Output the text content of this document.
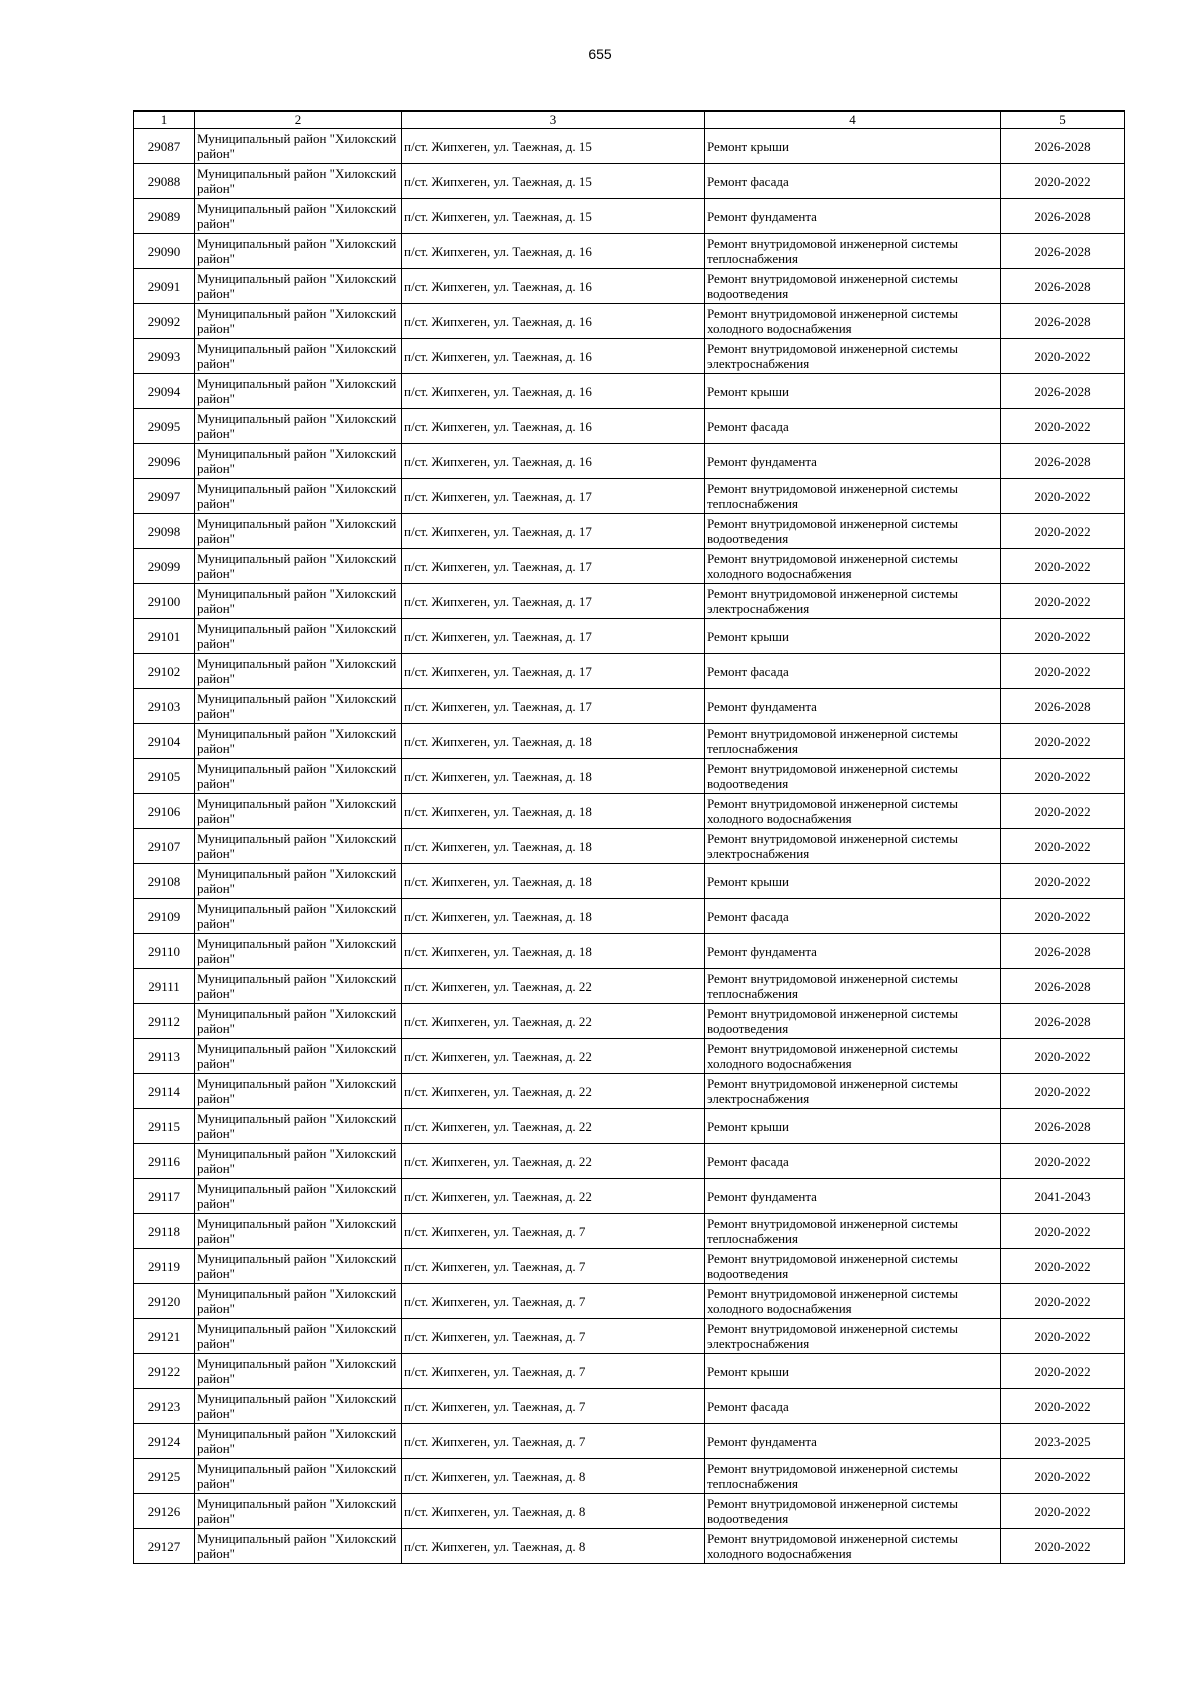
655
1	2	3	4	5
29087	Муниципальный район "Хилокский район"	п/ст. Жипхеген, ул. Таежная, д. 15	Ремонт крыши	2026-2028
29088	Муниципальный район "Хилокский район"	п/ст. Жипхеген, ул. Таежная, д. 15	Ремонт фасада	2020-2022
29089	Муниципальный район "Хилокский район"	п/ст. Жипхеген, ул. Таежная, д. 15	Ремонт фундамента	2026-2028
29090	Муниципальный район "Хилокский район"	п/ст. Жипхеген, ул. Таежная, д. 16	Ремонт внутридомовой инженерной системы теплоснабжения	2026-2028
29091	Муниципальный район "Хилокский район"	п/ст. Жипхеген, ул. Таежная, д. 16	Ремонт внутридомовой инженерной системы водоотведения	2026-2028
29092	Муниципальный район "Хилокский район"	п/ст. Жипхеген, ул. Таежная, д. 16	Ремонт внутридомовой инженерной системы холодного водоснабжения	2026-2028
29093	Муниципальный район "Хилокский район"	п/ст. Жипхеген, ул. Таежная, д. 16	Ремонт внутридомовой инженерной системы электроснабжения	2020-2022
29094	Муниципальный район "Хилокский район"	п/ст. Жипхеген, ул. Таежная, д. 16	Ремонт крыши	2026-2028
29095	Муниципальный район "Хилокский район"	п/ст. Жипхеген, ул. Таежная, д. 16	Ремонт фасада	2020-2022
29096	Муниципальный район "Хилокский район"	п/ст. Жипхеген, ул. Таежная, д. 16	Ремонт фундамента	2026-2028
29097	Муниципальный район "Хилокский район"	п/ст. Жипхеген, ул. Таежная, д. 17	Ремонт внутридомовой инженерной системы теплоснабжения	2020-2022
29098	Муниципальный район "Хилокский район"	п/ст. Жипхеген, ул. Таежная, д. 17	Ремонт внутридомовой инженерной системы водоотведения	2020-2022
29099	Муниципальный район "Хилокский район"	п/ст. Жипхеген, ул. Таежная, д. 17	Ремонт внутридомовой инженерной системы холодного водоснабжения	2020-2022
29100	Муниципальный район "Хилокский район"	п/ст. Жипхеген, ул. Таежная, д. 17	Ремонт внутридомовой инженерной системы электроснабжения	2020-2022
29101	Муниципальный район "Хилокский район"	п/ст. Жипхеген, ул. Таежная, д. 17	Ремонт крыши	2020-2022
29102	Муниципальный район "Хилокский район"	п/ст. Жипхеген, ул. Таежная, д. 17	Ремонт фасада	2020-2022
29103	Муниципальный район "Хилокский район"	п/ст. Жипхеген, ул. Таежная, д. 17	Ремонт фундамента	2026-2028
29104	Муниципальный район "Хилокский район"	п/ст. Жипхеген, ул. Таежная, д. 18	Ремонт внутридомовой инженерной системы теплоснабжения	2020-2022
29105	Муниципальный район "Хилокский район"	п/ст. Жипхеген, ул. Таежная, д. 18	Ремонт внутридомовой инженерной системы водоотведения	2020-2022
29106	Муниципальный район "Хилокский район"	п/ст. Жипхеген, ул. Таежная, д. 18	Ремонт внутридомовой инженерной системы холодного водоснабжения	2020-2022
29107	Муниципальный район "Хилокский район"	п/ст. Жипхеген, ул. Таежная, д. 18	Ремонт внутридомовой инженерной системы электроснабжения	2020-2022
29108	Муниципальный район "Хилокский район"	п/ст. Жипхеген, ул. Таежная, д. 18	Ремонт крыши	2020-2022
29109	Муниципальный район "Хилокский район"	п/ст. Жипхеген, ул. Таежная, д. 18	Ремонт фасада	2020-2022
29110	Муниципальный район "Хилокский район"	п/ст. Жипхеген, ул. Таежная, д. 18	Ремонт фундамента	2026-2028
29111	Муниципальный район "Хилокский район"	п/ст. Жипхеген, ул. Таежная, д. 22	Ремонт внутридомовой инженерной системы теплоснабжения	2026-2028
29112	Муниципальный район "Хилокский район"	п/ст. Жипхеген, ул. Таежная, д. 22	Ремонт внутридомовой инженерной системы водоотведения	2026-2028
29113	Муниципальный район "Хилокский район"	п/ст. Жипхеген, ул. Таежная, д. 22	Ремонт внутридомовой инженерной системы холодного водоснабжения	2020-2022
29114	Муниципальный район "Хилокский район"	п/ст. Жипхеген, ул. Таежная, д. 22	Ремонт внутридомовой инженерной системы электроснабжения	2020-2022
29115	Муниципальный район "Хилокский район"	п/ст. Жипхеген, ул. Таежная, д. 22	Ремонт крыши	2026-2028
29116	Муниципальный район "Хилокский район"	п/ст. Жипхеген, ул. Таежная, д. 22	Ремонт фасада	2020-2022
29117	Муниципальный район "Хилокский район"	п/ст. Жипхеген, ул. Таежная, д. 22	Ремонт фундамента	2041-2043
29118	Муниципальный район "Хилокский район"	п/ст. Жипхеген, ул. Таежная, д. 7	Ремонт внутридомовой инженерной системы теплоснабжения	2020-2022
29119	Муниципальный район "Хилокский район"	п/ст. Жипхеген, ул. Таежная, д. 7	Ремонт внутридомовой инженерной системы водоотведения	2020-2022
29120	Муниципальный район "Хилокский район"	п/ст. Жипхеген, ул. Таежная, д. 7	Ремонт внутридомовой инженерной системы холодного водоснабжения	2020-2022
29121	Муниципальный район "Хилокский район"	п/ст. Жипхеген, ул. Таежная, д. 7	Ремонт внутридомовой инженерной системы электроснабжения	2020-2022
29122	Муниципальный район "Хилокский район"	п/ст. Жипхеген, ул. Таежная, д. 7	Ремонт крыши	2020-2022
29123	Муниципальный район "Хилокский район"	п/ст. Жипхеген, ул. Таежная, д. 7	Ремонт фасада	2020-2022
29124	Муниципальный район "Хилокский район"	п/ст. Жипхеген, ул. Таежная, д. 7	Ремонт фундамента	2023-2025
29125	Муниципальный район "Хилокский район"	п/ст. Жипхеген, ул. Таежная, д. 8	Ремонт внутридомовой инженерной системы теплоснабжения	2020-2022
29126	Муниципальный район "Хилокский район"	п/ст. Жипхеген, ул. Таежная, д. 8	Ремонт внутридомовой инженерной системы водоотведения	2020-2022
29127	Муниципальный район "Хилокский район"	п/ст. Жипхеген, ул. Таежная, д. 8	Ремонт внутридомовой инженерной системы холодного водоснабжения	2020-2022
